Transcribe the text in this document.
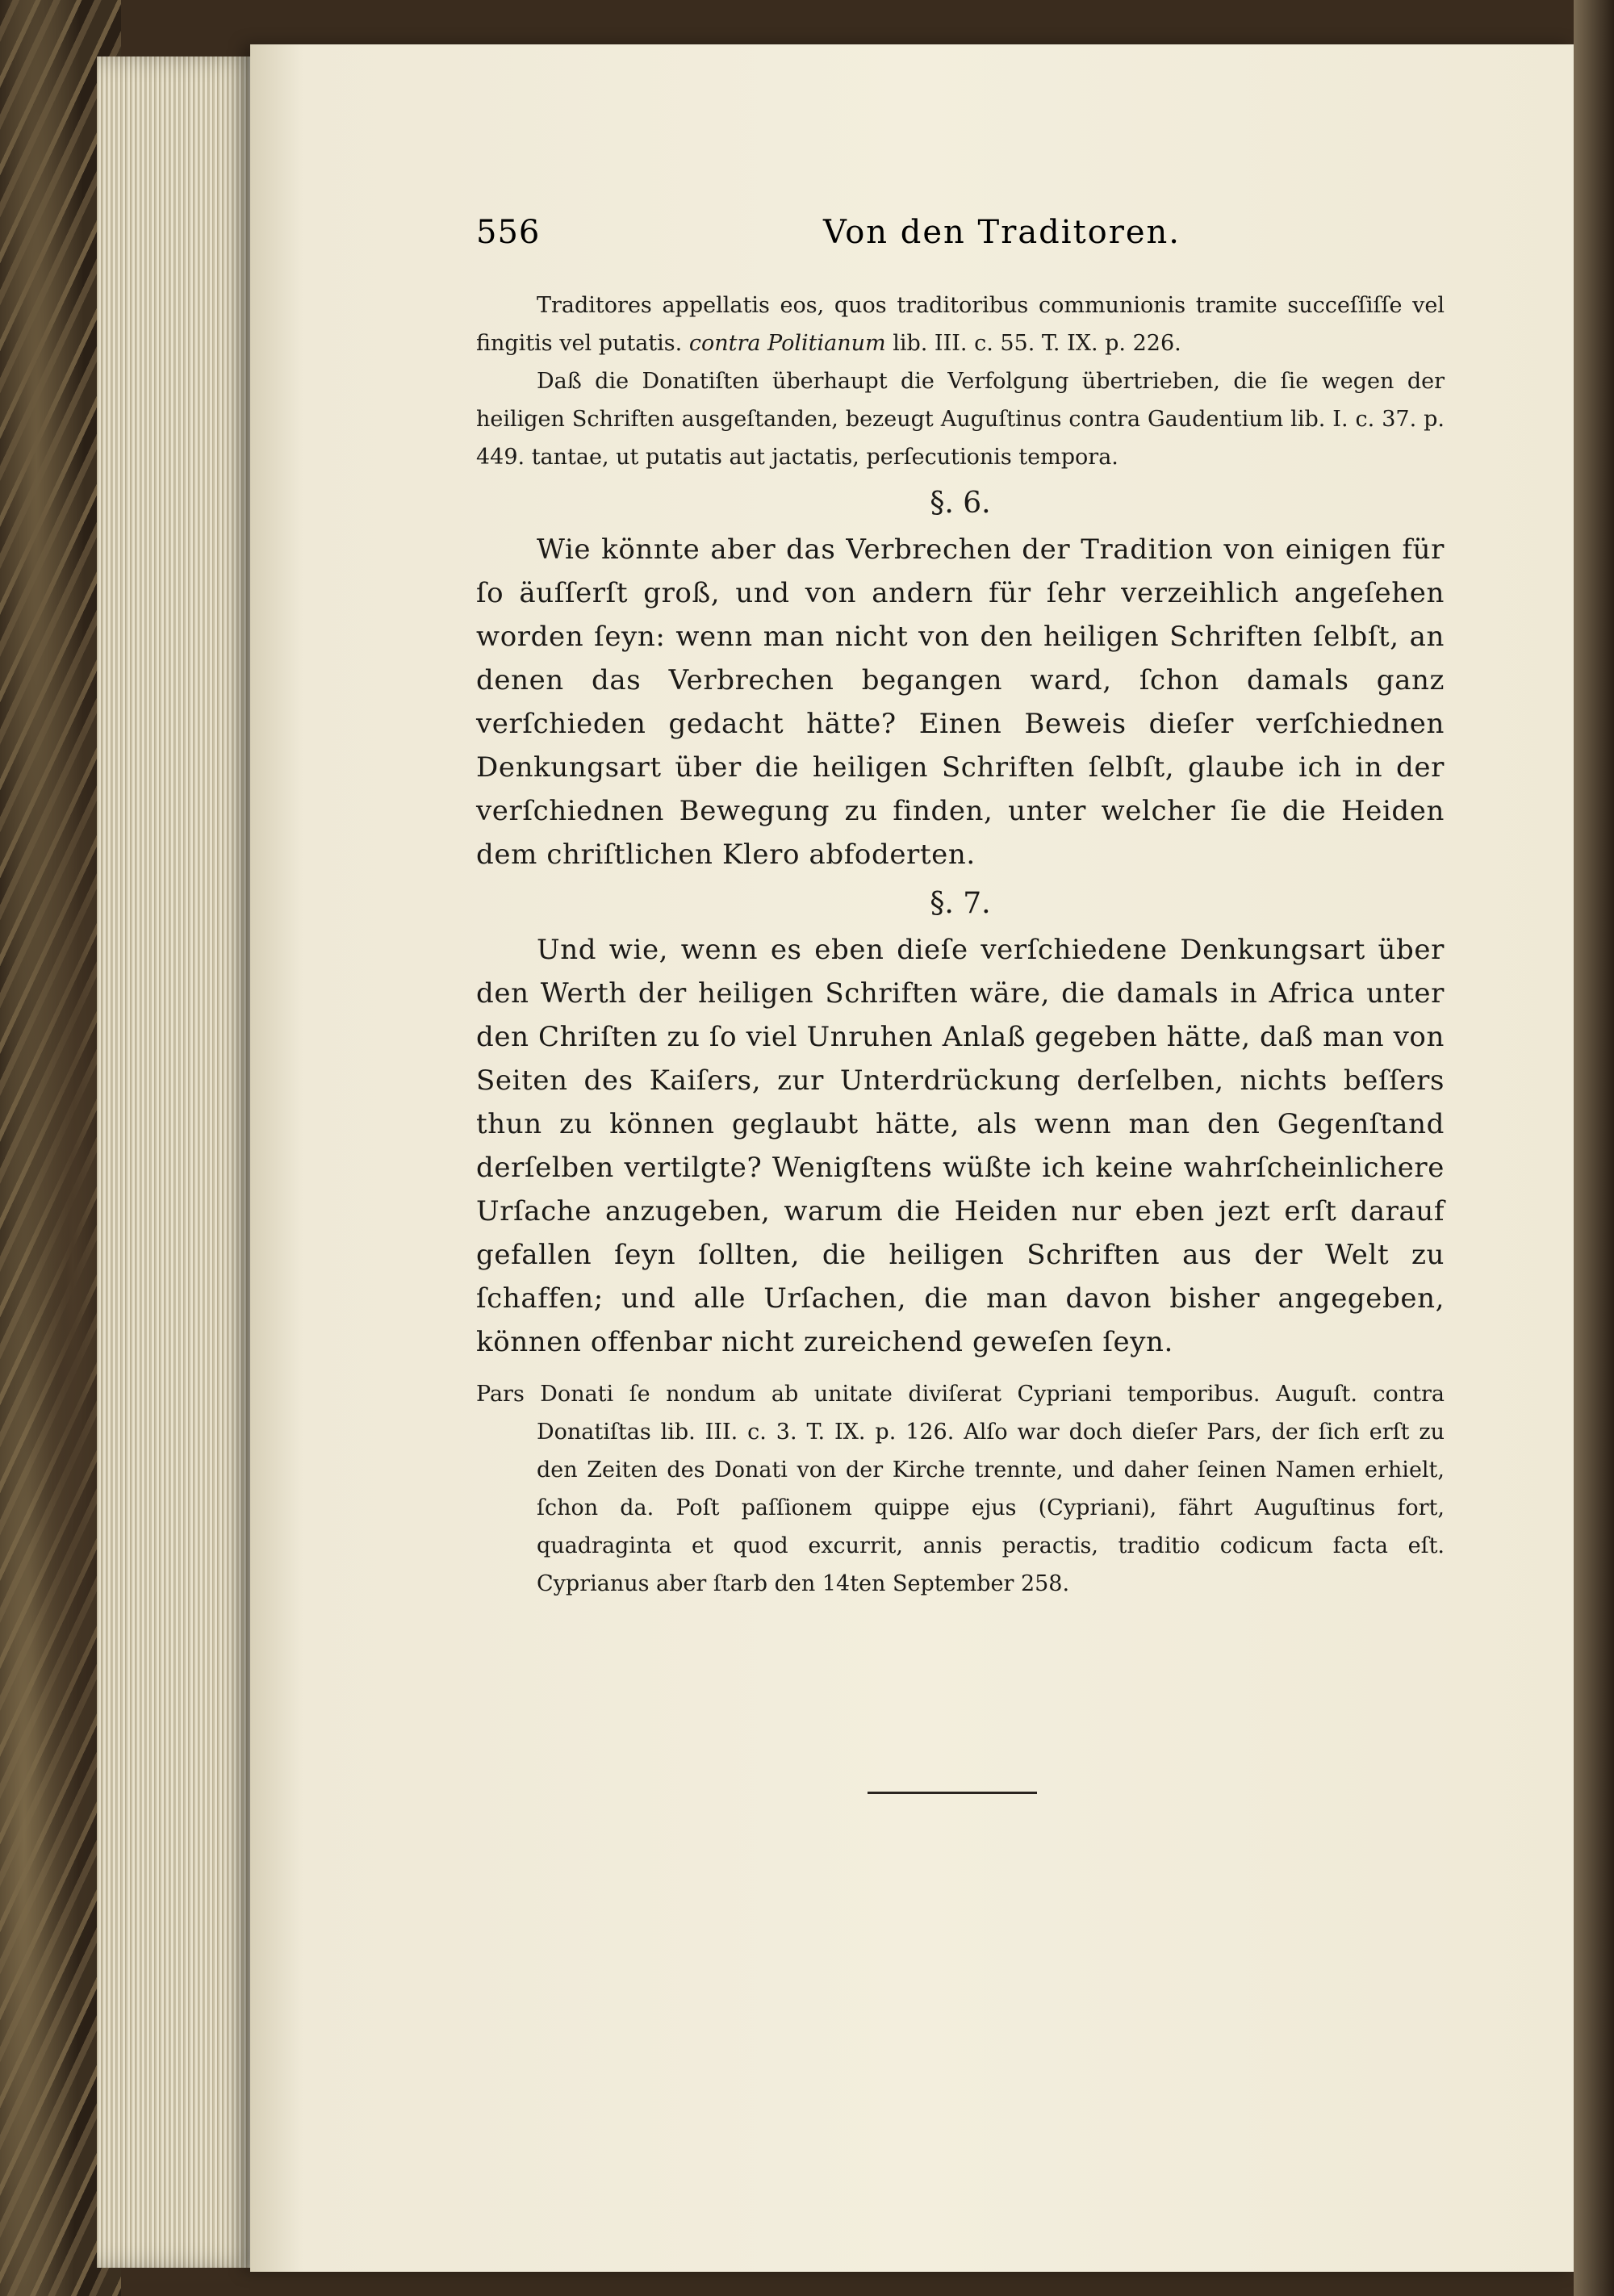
556	Von den Traditoren.
Traditores appellatis eos, quos traditoribus communionis tramite succeſſiſſe vel fingitis vel putatis. contra Politianum lib. III. c. 55. T. IX. p. 226.
Daß die Donatiſten überhaupt die Verfolgung übertrieben, die ſie wegen der heiligen Schriften ausgeſtanden, bezeugt Auguſtinus contra Gaudentium lib. I. c. 37. p. 449. tantae, ut putatis aut jactatis, perſecutionis tempora.
§. 6.
Wie könnte aber das Verbrechen der Tradition von einigen für ſo äuſſerſt groß, und von andern für ſehr verzeihlich angeſehen worden ſeyn: wenn man nicht von den heiligen Schriften ſelbſt, an denen das Verbrechen begangen ward, ſchon damals ganz verſchieden gedacht hätte? Einen Beweis dieſer verſchiednen Denkungsart über die heiligen Schriften ſelbſt, glaube ich in der verſchiednen Bewegung zu finden, unter welcher ſie die Heiden dem chriſtlichen Klero abfoderten.
§. 7.
Und wie, wenn es eben dieſe verſchiedene Denkungsart über den Werth der heiligen Schriften wäre, die damals in Africa unter den Chriſten zu ſo viel Unruhen Anlaß gegeben hätte, daß man von Seiten des Kaiſers, zur Unterdrückung derſelben, nichts beſſers thun zu können geglaubt hätte, als wenn man den Gegenſtand derſelben vertilgte? Wenigſtens wüßte ich keine wahrſcheinlichere Urſache anzugeben, warum die Heiden nur eben jezt erſt darauf gefallen ſeyn ſollten, die heiligen Schriften aus der Welt zu ſchaffen; und alle Urſachen, die man davon bisher angegeben, können offenbar nicht zureichend geweſen ſeyn.
Pars Donati ſe nondum ab unitate diviſerat Cypriani temporibus. Auguſt. contra Donatiſtas lib. III. c. 3. T. IX. p. 126. Alſo war doch dieſer Pars, der ſich erſt zu den Zeiten des Donati von der Kirche trennte, und daher ſeinen Namen erhielt, ſchon da. Poſt paſſionem quippe ejus (Cypriani), fährt Auguſtinus fort, quadraginta et quod excurrit, annis peractis, traditio codicum facta eſt. Cyprianus aber ſtarb den 14ten September 258.
